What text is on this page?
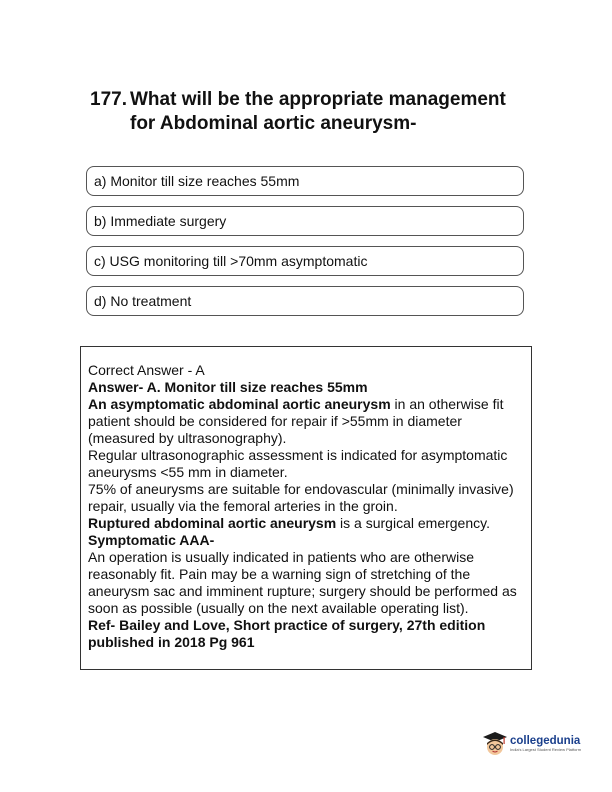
177. What will be the appropriate management for Abdominal aortic aneurysm-
a) Monitor till size reaches 55mm
b) Immediate surgery
c) USG monitoring till >70mm asymptomatic
d) No treatment

Correct Answer - A

Answer- A. Monitor till size reaches 55mm

An asymptomatic abdominal aortic aneurysm in an otherwise fit patient should be considered for repair if >55mm in diameter (measured by ultrasonography).

Regular ultrasonographic assessment is indicated for asymptomatic aneurysms <55 mm in diameter.

75% of aneurysms are suitable for endovascular (minimally invasive) repair, usually via the femoral arteries in the groin.

Ruptured abdominal aortic aneurysm is a surgical emergency.

Symptomatic AAA-

An operation is usually indicated in patients who are otherwise reasonably fit. Pain may be a warning sign of stretching of the aneurysm sac and imminent rupture; surgery should be performed as soon as possible (usually on the next available operating list).

Ref- Bailey and Love, Short practice of surgery, 27th edition published in 2018 Pg 961

collegedunia
India's Largest Student Review Platform
